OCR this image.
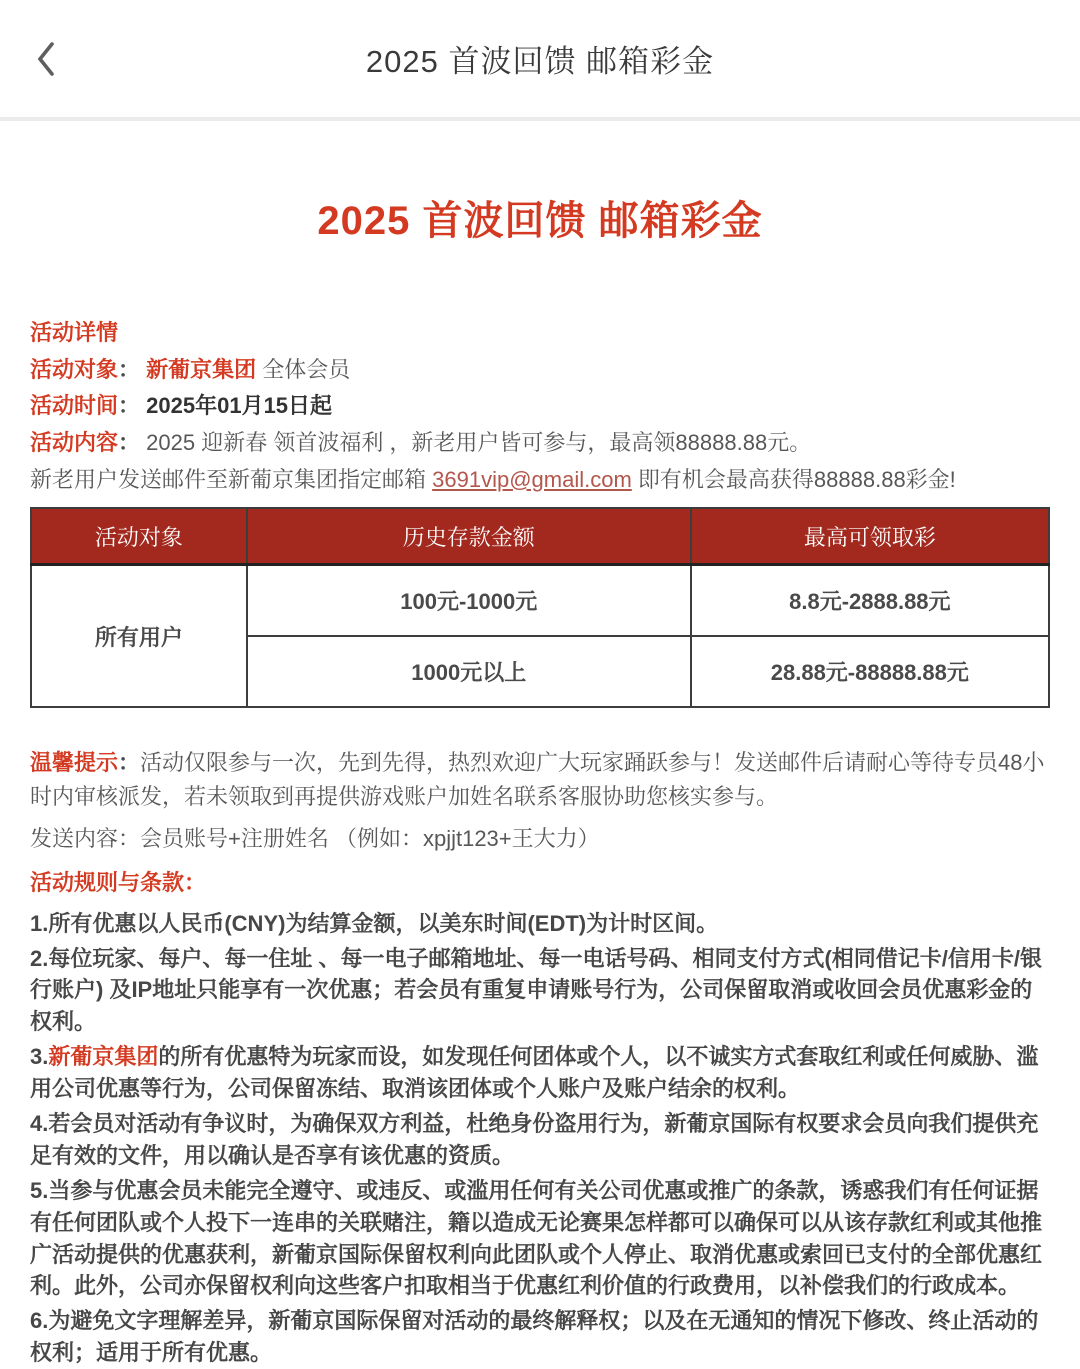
2025 首波回馈 邮箱彩金
2025 首波回馈 邮箱彩金

活动详情

活动对象： 新葡京集团 全体会员

活动时间： 2025年01月15日起

活动内容： 2025 迎新春 领首波福利 ，新老用户皆可参与，最高领88888.88元。

新老用户发送邮件至新葡京集团指定邮箱 3691vip@gmail.com 即有机会最高获得88888.88彩金!

活动对象	历史存款金额	最高可领取彩
所有用户	100元-1000元	8.8元-2888.88元
	1000元以上	28.88元-88888.88元

温馨提示：活动仅限参与一次，先到先得，热烈欢迎广大玩家踊跃参与！发送邮件后请耐心等待专员48小时内审核派发，若未领取到再提供游戏账户加姓名联系客服协助您核实参与。

发送内容：会员账号+注册姓名 （例如：xpjjt123+王大力）

活动规则与条款：

1.所有优惠以人民币(CNY)为结算金额，以美东时间(EDT)为计时区间。

2.每位玩家、每户、每一住址 、每一电子邮箱地址、每一电话号码、相同支付方式(相同借记卡/信用卡/银行账户) 及IP地址只能享有一次优惠；若会员有重复申请账号行为，公司保留取消或收回会员优惠彩金的权利。

3.新葡京集团的所有优惠特为玩家而设，如发现任何团体或个人，以不诚实方式套取红利或任何威胁、滥用公司优惠等行为，公司保留冻结、取消该团体或个人账户及账户结余的权利。

4.若会员对活动有争议时，为确保双方利益，杜绝身份盗用行为，新葡京国际有权要求会员向我们提供充足有效的文件，用以确认是否享有该优惠的资质。

5.当参与优惠会员未能完全遵守、或违反、或滥用任何有关公司优惠或推广的条款，诱惑我们有任何证据有任何团队或个人投下一连串的关联赌注，籍以造成无论赛果怎样都可以确保可以从该存款红利或其他推广活动提供的优惠获利，新葡京国际保留权利向此团队或个人停止、取消优惠或索回已支付的全部优惠红利。此外，公司亦保留权利向这些客户扣取相当于优惠红利价值的行政费用，以补偿我们的行政成本。

6.为避免文字理解差异，新葡京国际保留对活动的最终解释权；以及在无通知的情况下修改、终止活动的权利；适用于所有优惠。
